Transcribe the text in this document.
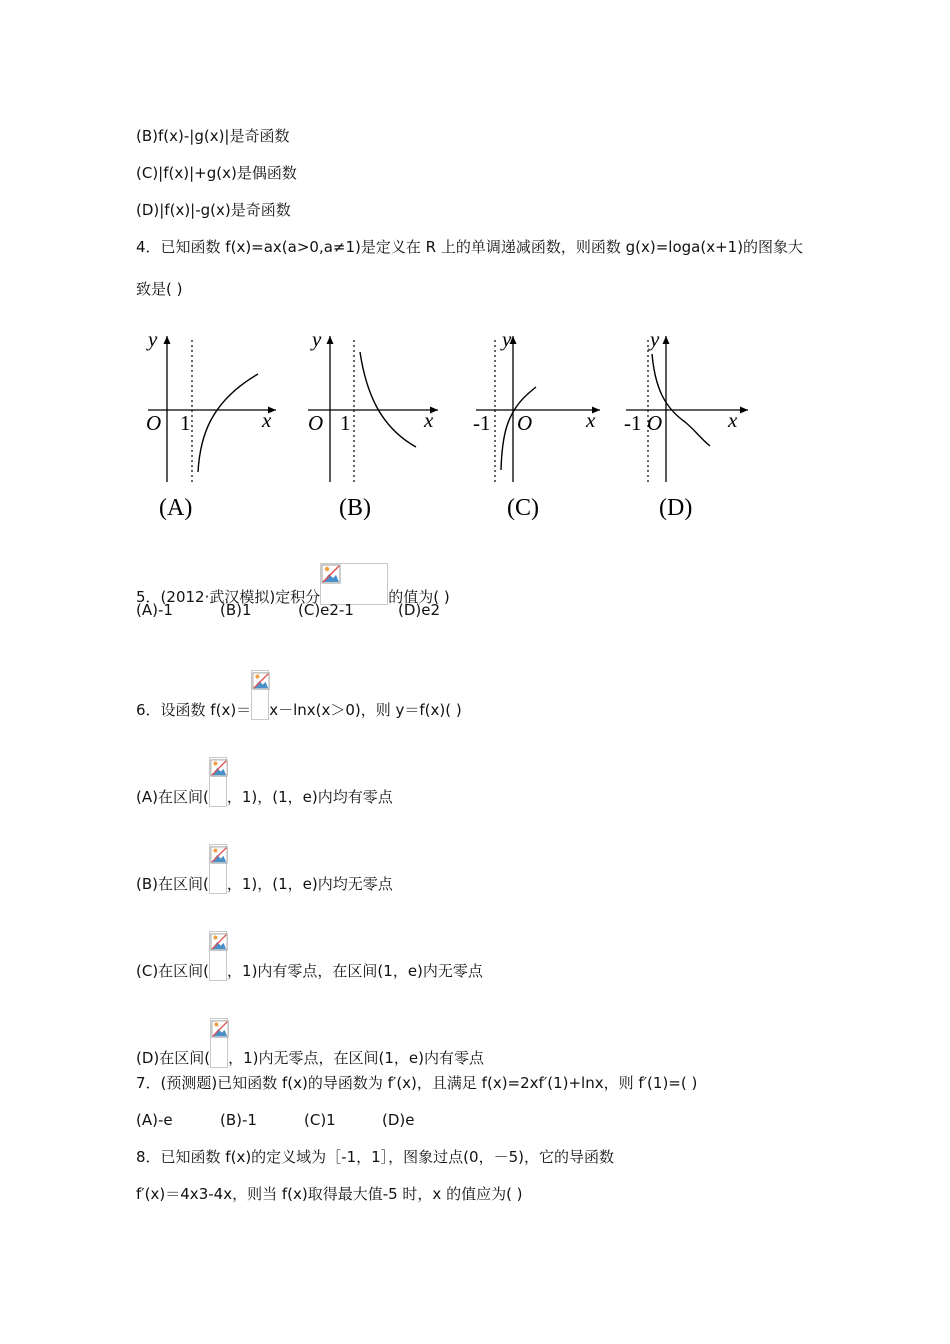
(B)f(x)-|g(x)|是奇函数
(C)|f(x)|+g(x)是偶函数
(D)|f(x)|-g(x)是奇函数
4．已知函数 f(x)=ax(a>0,a≠1)是定义在 R 上的单调递减函数，则函数 g(x)=loga(x+1)的图象大
致是( )
y
x
O 1
(A)
y
x
O 1
(B)
y
x
O
-1
(C)
y
x
O
-1
(D)
5．(2012·武汉模拟)定积分	的值为( )
(A)-1	(B)1	(C)e2-1	(D)e2
6．设函数 f(x)＝ x－lnx(x＞0)，则 y＝f(x)( )
(A)在区间( ，1)，(1，e)内均有零点
(B)在区间( ，1)，(1，e)内均无零点
(C)在区间( ，1)内有零点，在区间(1，e)内无零点
(D)在区间( ，1)内无零点，在区间(1，e)内有零点
7．(预测题)已知函数 f(x)的导函数为 f′(x)，且满足 f(x)=2xf′(1)+lnx，则 f′(1)=( )
(A)-e	(B)-1	(C)1	(D)e
8．已知函数 f(x)的定义域为［-1，1］，图象过点(0，－5)，它的导函数
f′(x)＝4x3-4x，则当 f(x)取得最大值-5 时，x 的值应为( )
